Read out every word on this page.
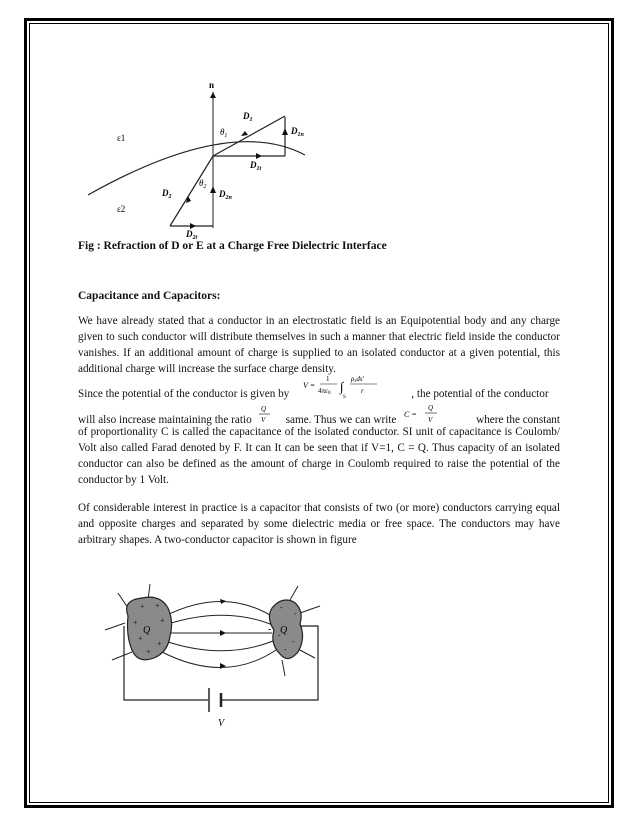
n
ε1
ε2
$D_1$
$D_{1n}$
$D_{1t}$
$D_2$	$D_{2n}$
$D_{2t}$
$\theta_1$
$\theta_2$

Fig : Refraction of D or E at a Charge Free Dielectric Interface

Capacitance and Capacitors:

We have already stated that a conductor in an electrostatic field is an Equipotential body and any charge given to such conductor will distribute themselves in such a manner that electric field inside the conductor vanishes. If an additional amount of charge is supplied to an isolated conductor at a given potential, this additional charge will increase the surface charge density.

Since the potential of the conductor is given by
V =
1
4πε0 ∫
S
ρsds′
r	, the potential of the conductor
will also increase maintaining the ratio
Q
V same. Thus we can write C =
Q
V	where the constant

of proportionality C is called the capacitance of the isolated conductor. SI unit of capacitance is Coulomb/ Volt also called Farad denoted by F. It can It can be seen that if V=1, C = Q. Thus capacity of an isolated conductor can also be defined as the amount of charge in Coulomb required to raise the potential of the conductor by 1 Volt.

Of considerable interest in practice is a capacitor that consists of two (or more) conductors carrying equal and opposite charges and separated by some dielectric media or free space. The conductors may have arbitrary shapes. A two-conductor capacitor is shown in figure

+ +
+	+
+
+
+
-
-
-
-
-
Q	- Q
V
